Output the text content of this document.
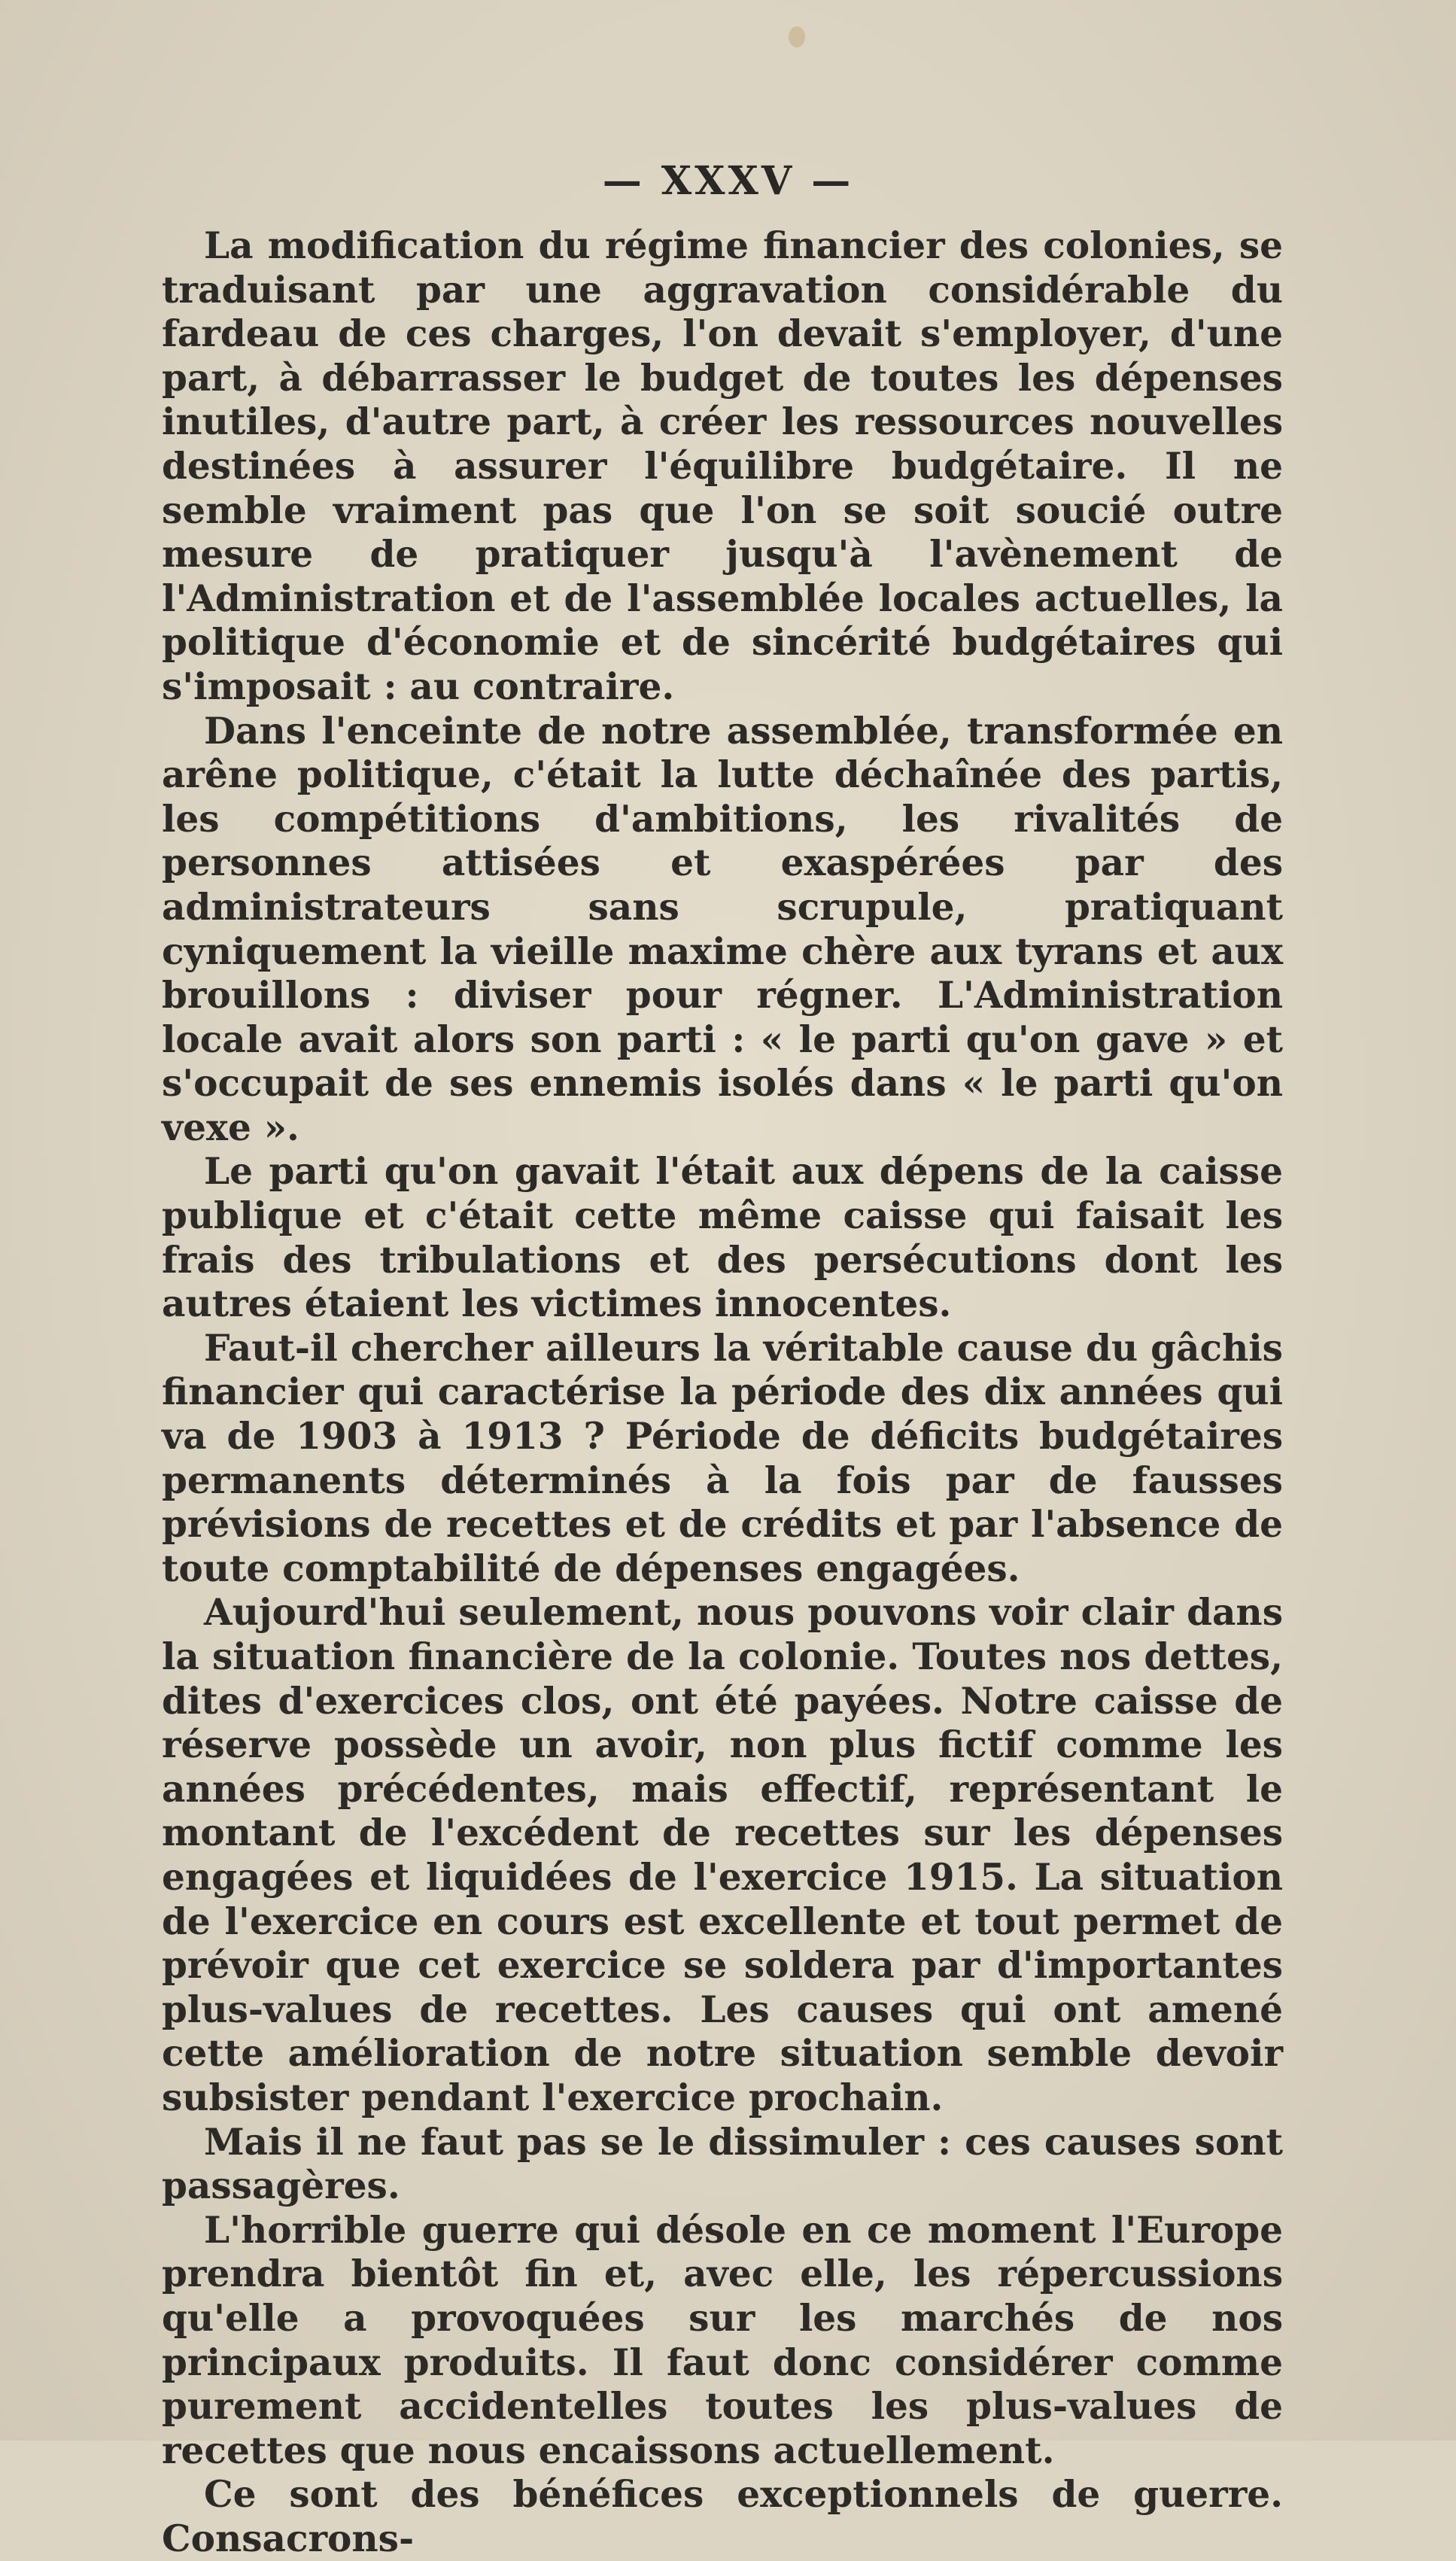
— XXXV —

La modification du régime financier des colonies, se traduisant par une aggravation considérable du fardeau de ces charges, l'on devait s'employer, d'une part, à débarrasser le budget de toutes les dépenses inutiles, d'autre part, à créer les ressources nouvelles destinées à assurer l'équilibre budgétaire. Il ne semble vraiment pas que l'on se soit soucié outre mesure de pratiquer jusqu'à l'avènement de l'Administration et de l'assemblée locales actuelles, la politique d'économie et de sincérité budgétaires qui s'imposait : au contraire.

Dans l'enceinte de notre assemblée, transformée en arêne politique, c'était la lutte déchaînée des partis, les compétitions d'ambitions, les rivalités de personnes attisées et exaspérées par des administrateurs sans scrupule, pratiquant cyniquement la vieille maxime chère aux tyrans et aux brouillons : diviser pour régner. L'Administration locale avait alors son parti : « le parti qu'on gave » et s'occupait de ses ennemis isolés dans « le parti qu'on vexe ».

Le parti qu'on gavait l'était aux dépens de la caisse publique et c'était cette même caisse qui faisait les frais des tribulations et des persécutions dont les autres étaient les victimes innocentes.

Faut-il chercher ailleurs la véritable cause du gâchis financier qui caractérise la période des dix années qui va de 1903 à 1913 ? Période de déficits budgétaires permanents déterminés à la fois par de fausses prévisions de recettes et de crédits et par l'absence de toute comptabilité de dépenses engagées.

Aujourd'hui seulement, nous pouvons voir clair dans la situation financière de la colonie. Toutes nos dettes, dites d'exercices clos, ont été payées. Notre caisse de réserve possède un avoir, non plus fictif comme les années précédentes, mais effectif, représentant le montant de l'excédent de recettes sur les dépenses engagées et liquidées de l'exercice 1915. La situation de l'exercice en cours est excellente et tout permet de prévoir que cet exercice se soldera par d'importantes plus-values de recettes. Les causes qui ont amené cette amélioration de notre situation semble devoir subsister pendant l'exercice prochain.

Mais il ne faut pas se le dissimuler : ces causes sont passagères.

L'horrible guerre qui désole en ce moment l'Europe prendra bientôt fin et, avec elle, les répercussions qu'elle a provoquées sur les marchés de nos principaux produits. Il faut donc considérer comme purement accidentelles toutes les plus-values de recettes que nous encaissons actuellement.

Ce sont des bénéfices exceptionnels de guerre. Consacrons-
